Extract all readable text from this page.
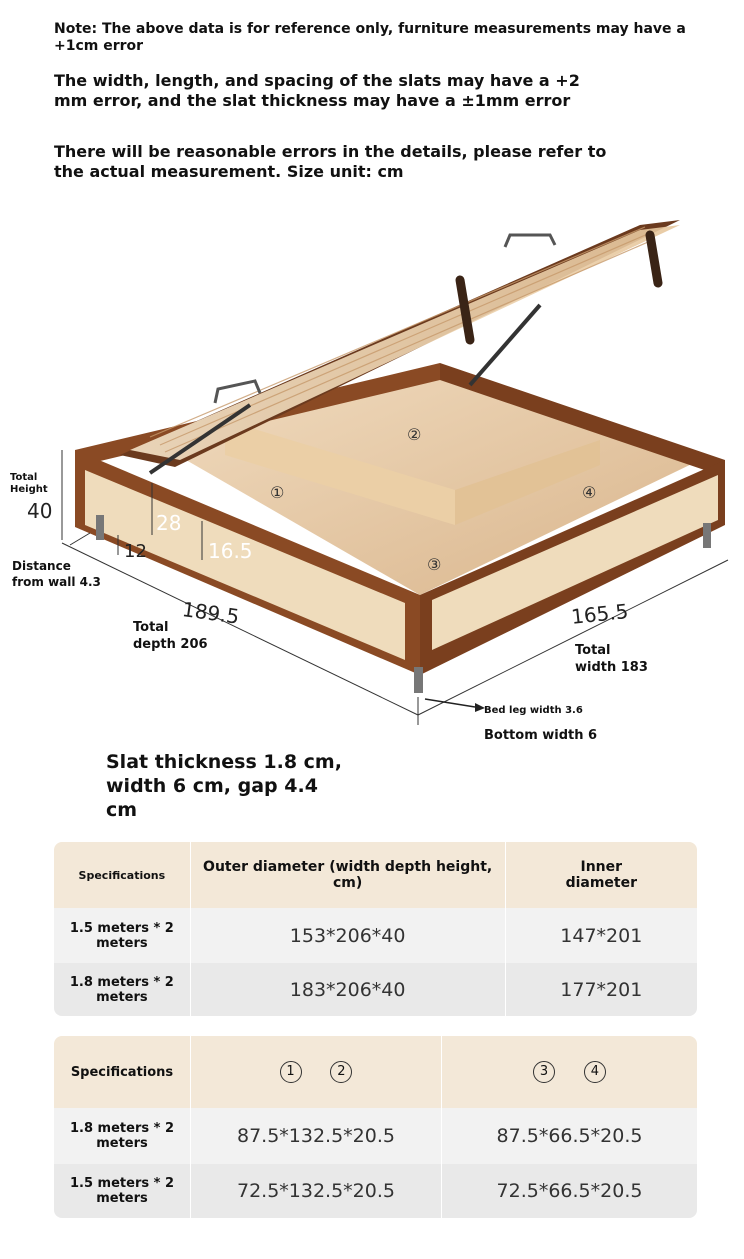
Note: The above data is for reference only, furniture measurements may have a +1cm error
The width, length, and spacing of the slats may have a +2 mm error, and the slat thickness may have a ±1mm error
There will be reasonable errors in the details, please refer to the actual measurement. Size unit: cm
Total Height
40	28
12	16.5
Distance from wall 4.3
189.5
Total depth 206
165.5
Total width 183
Bed leg width 3.6
Bottom width 6
①
②
③
④
Slat thickness 1.8 cm, width 6 cm, gap 4.4 cm
Specifications	Outer diameter (width depth height, cm)	Inner diameter
1.5 meters * 2 meters	153*206*40	147*201
1.8 meters * 2 meters	183*206*40	177*201
Specifications	1 2	3 4
1.8 meters * 2 meters	87.5*132.5*20.5	87.5*66.5*20.5
1.5 meters * 2 meters	72.5*132.5*20.5	72.5*66.5*20.5
